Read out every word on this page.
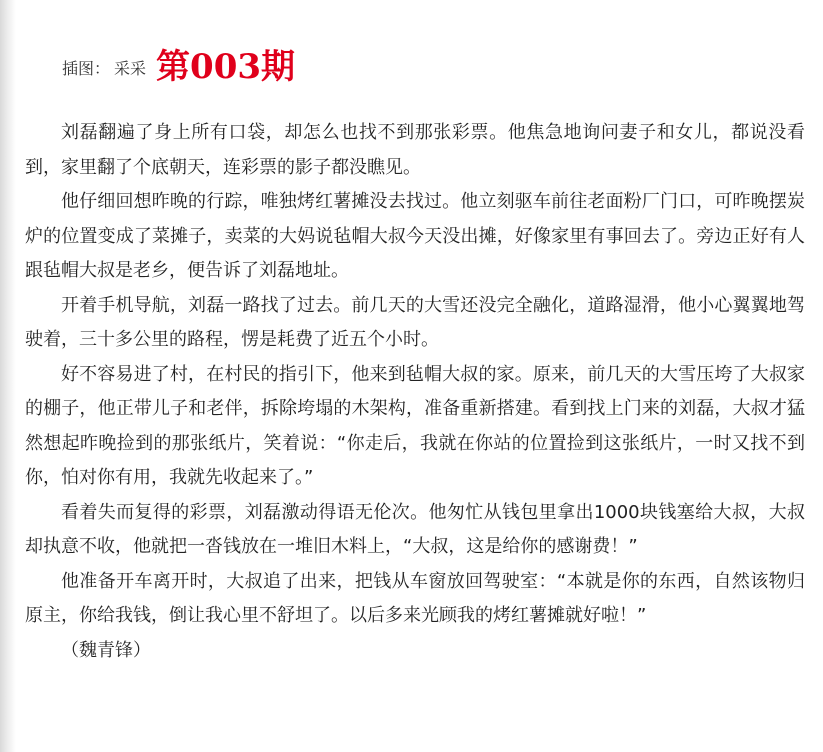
插图： 采采 第003期

刘磊翻遍了身上所有口袋，却怎么也找不到那张彩票。他焦急地询问妻子和女儿，都说没看到，家里翻了个底朝天，连彩票的影子都没瞧见。

他仔细回想昨晚的行踪，唯独烤红薯摊没去找过。他立刻驱车前往老面粉厂门口，可昨晚摆炭炉的位置变成了菜摊子，卖菜的大妈说毡帽大叔今天没出摊，好像家里有事回去了。旁边正好有人跟毡帽大叔是老乡，便告诉了刘磊地址。

开着手机导航，刘磊一路找了过去。前几天的大雪还没完全融化，道路湿滑，他小心翼翼地驾驶着，三十多公里的路程，愣是耗费了近五个小时。

好不容易进了村，在村民的指引下，他来到毡帽大叔的家。原来，前几天的大雪压垮了大叔家的棚子，他正带儿子和老伴，拆除垮塌的木架构，准备重新搭建。看到找上门来的刘磊，大叔才猛然想起昨晚捡到的那张纸片，笑着说：“你走后，我就在你站的位置捡到这张纸片，一时又找不到你，怕对你有用，我就先收起来了。”

看着失而复得的彩票，刘磊激动得语无伦次。他匆忙从钱包里拿出1000块钱塞给大叔，大叔却执意不收，他就把一沓钱放在一堆旧木料上，“大叔，这是给你的感谢费！”

他准备开车离开时，大叔追了出来，把钱从车窗放回驾驶室：“本就是你的东西，自然该物归原主，你给我钱，倒让我心里不舒坦了。以后多来光顾我的烤红薯摊就好啦！”

（魏青锋）
